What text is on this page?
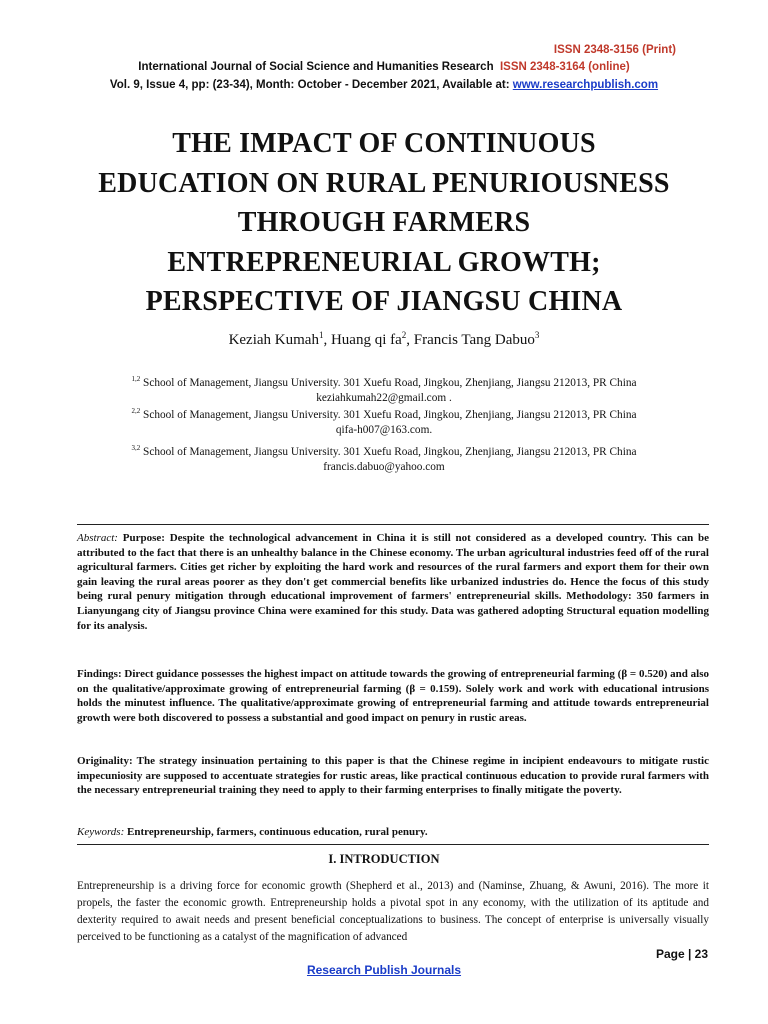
ISSN 2348-3156 (Print)
International Journal of Social Science and Humanities Research ISSN 2348-3164 (online)
Vol. 9, Issue 4, pp: (23-34), Month: October - December 2021, Available at: www.researchpublish.com
THE IMPACT OF CONTINUOUS
EDUCATION ON RURAL PENURIOUSNESS
THROUGH FARMERS
ENTREPRENEURIAL GROWTH;
PERSPECTIVE OF JIANGSU CHINA
Keziah Kumah$^1$, Huang qi $fa^2$, Francis Tang Dabuo$^3$
$^{1,2}$ School of Management, Jiangsu University. 301 Xuefu Road, Jingkou, Zhenjiang, Jiangsu 212013, PR China
keziahkumah22@gmail.com .
$^{2,2}$ School of Management, Jiangsu University. 301 Xuefu Road, Jingkou, Zhenjiang, Jiangsu 212013, PR China
qifa-h007@163.com.
$^{3,2}$ School of Management, Jiangsu University. 301 Xuefu Road, Jingkou, Zhenjiang, Jiangsu 212013, PR China
francis.dabuo@yahoo.com
Abstract: Purpose: Despite the technological advancement in China it is still not considered as a developed country. This can be attributed to the fact that there is an unhealthy balance in the Chinese economy. The urban agricultural industries feed off of the rural agricultural farmers. Cities get richer by exploiting the hard work and resources of the rural farmers and export them for their own gain leaving the rural areas poorer as they don't get commercial benefits like urbanized industries do. Hence the focus of this study being rural penury mitigation through educational improvement of farmers' entrepreneurial skills. Methodology: 350 farmers in Lianyungang city of Jiangsu province China were examined for this study. Data was gathered adopting Structural equation modelling for its analysis.
Findings: Direct guidance possesses the highest impact on attitude towards the growing of entrepreneurial farming (β = 0.520) and also on the qualitative/approximate growing of entrepreneurial farming (β = 0.159). Solely work and work with educational intrusions holds the minutest influence. The qualitative/approximate growing of entrepreneurial farming and attitude towards entrepreneurial growth were both discovered to possess a substantial and good impact on penury in rustic areas.
Originality: The strategy insinuation pertaining to this paper is that the Chinese regime in incipient endeavours to mitigate rustic impecuniosity are supposed to accentuate strategies for rustic areas, like practical continuous education to provide rural farmers with the necessary entrepreneurial training they need to apply to their farming enterprises to finally mitigate the poverty.
Keywords: Entrepreneurship, farmers, continuous education, rural penury.
I. INTRODUCTION
Entrepreneurship is a driving force for economic growth (Shepherd et al., 2013) and (Naminse, Zhuang, & Awuni, 2016). The more it propels, the faster the economic growth. Entrepreneurship holds a pivotal spot in any economy, with the utilization of its aptitude and dexterity required to await needs and present beneficial conceptualizations to business. The concept of enterprise is universally visually perceived to be functioning as a catalyst of the magnification of advanced
Page | 23
Research Publish Journals
